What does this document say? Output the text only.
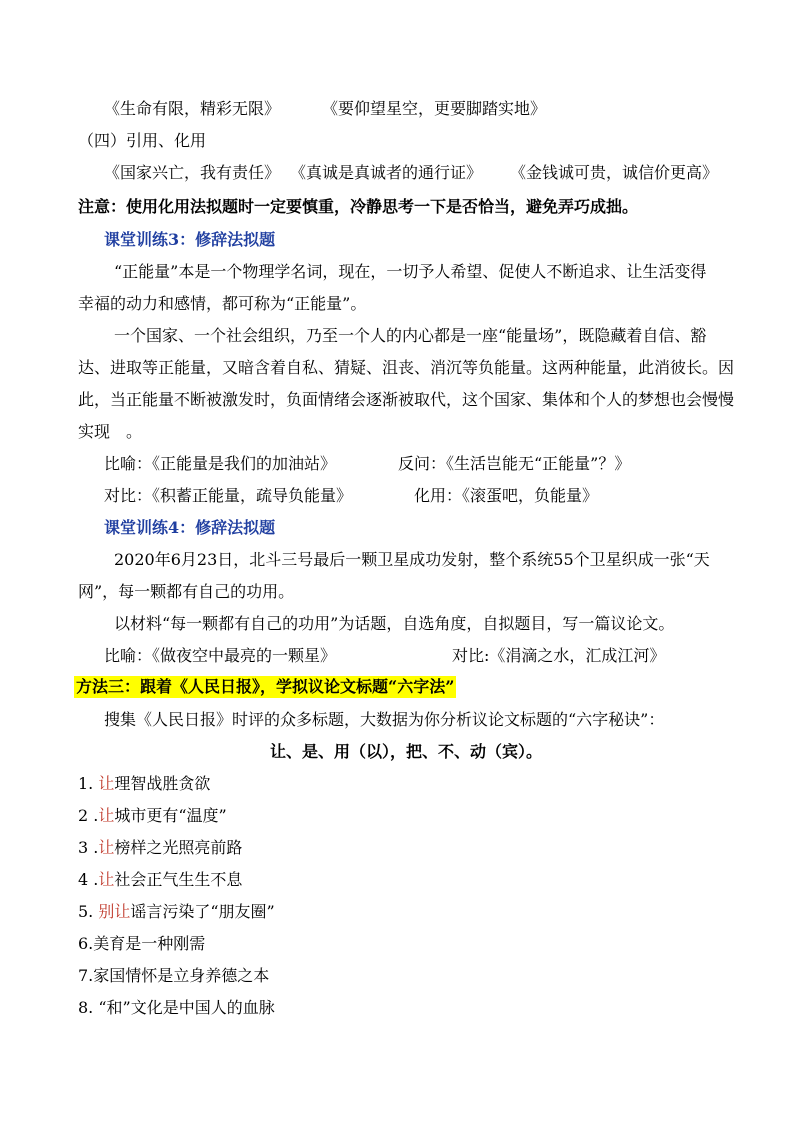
《生命有限，精彩无限》	《要仰望星空，更要脚踏实地》
（四）引用、化用
《国家兴亡，我有责任》 《真诚是真诚者的通行证》 《金钱诚可贵，诚信价更高》
注意：使用化用法拟题时一定要慎重，冷静思考一下是否恰当，避免弄巧成拙。
课堂训练3：修辞法拟题
“正能量”本是一个物理学名词，现在，一切予人希望、促使人不断追求、让生活变得
幸福的动力和感情，都可称为“正能量”。
一个国家、一个社会组织，乃至一个人的内心都是一座“能量场”，既隐藏着自信、豁
达、进取等正能量，又暗含着自私、猜疑、沮丧、消沉等负能量。这两种能量，此消彼长。因
此，当正能量不断被激发时，负面情绪会逐渐被取代，这个国家、集体和个人的梦想也会慢慢
实现　。
比喻：《正能量是我们的加油站》	反问：《生活岂能无“正能量”？》
对比：《积蓄正能量，疏导负能量》	化用：《滚蛋吧，负能量》
课堂训练4：修辞法拟题
2020年6月23日，北斗三号最后一颗卫星成功发射，整个系统55个卫星织成一张“天
网”，每一颗都有自己的功用。
以材料“每一颗都有自己的功用”为话题，自选角度，自拟题目，写一篇议论文。
比喻：《做夜空中最亮的一颗星》	对比:《涓滴之水，汇成江河》
方法三：跟着《人民日报》，学拟议论文标题“六字法”
搜集《人民日报》时评的众多标题，大数据为你分析议论文标题的“六字秘诀”：
让、是、用（以），把、不、动（宾）。
1. 让理智战胜贪欲
2 .让城市更有“温度”
3 .让榜样之光照亮前路
4 .让社会正气生生不息
5. 别让谣言污染了“朋友圈”
6.美育是一种刚需
7.家国情怀是立身养德之本
8. “和”文化是中国人的血脉
